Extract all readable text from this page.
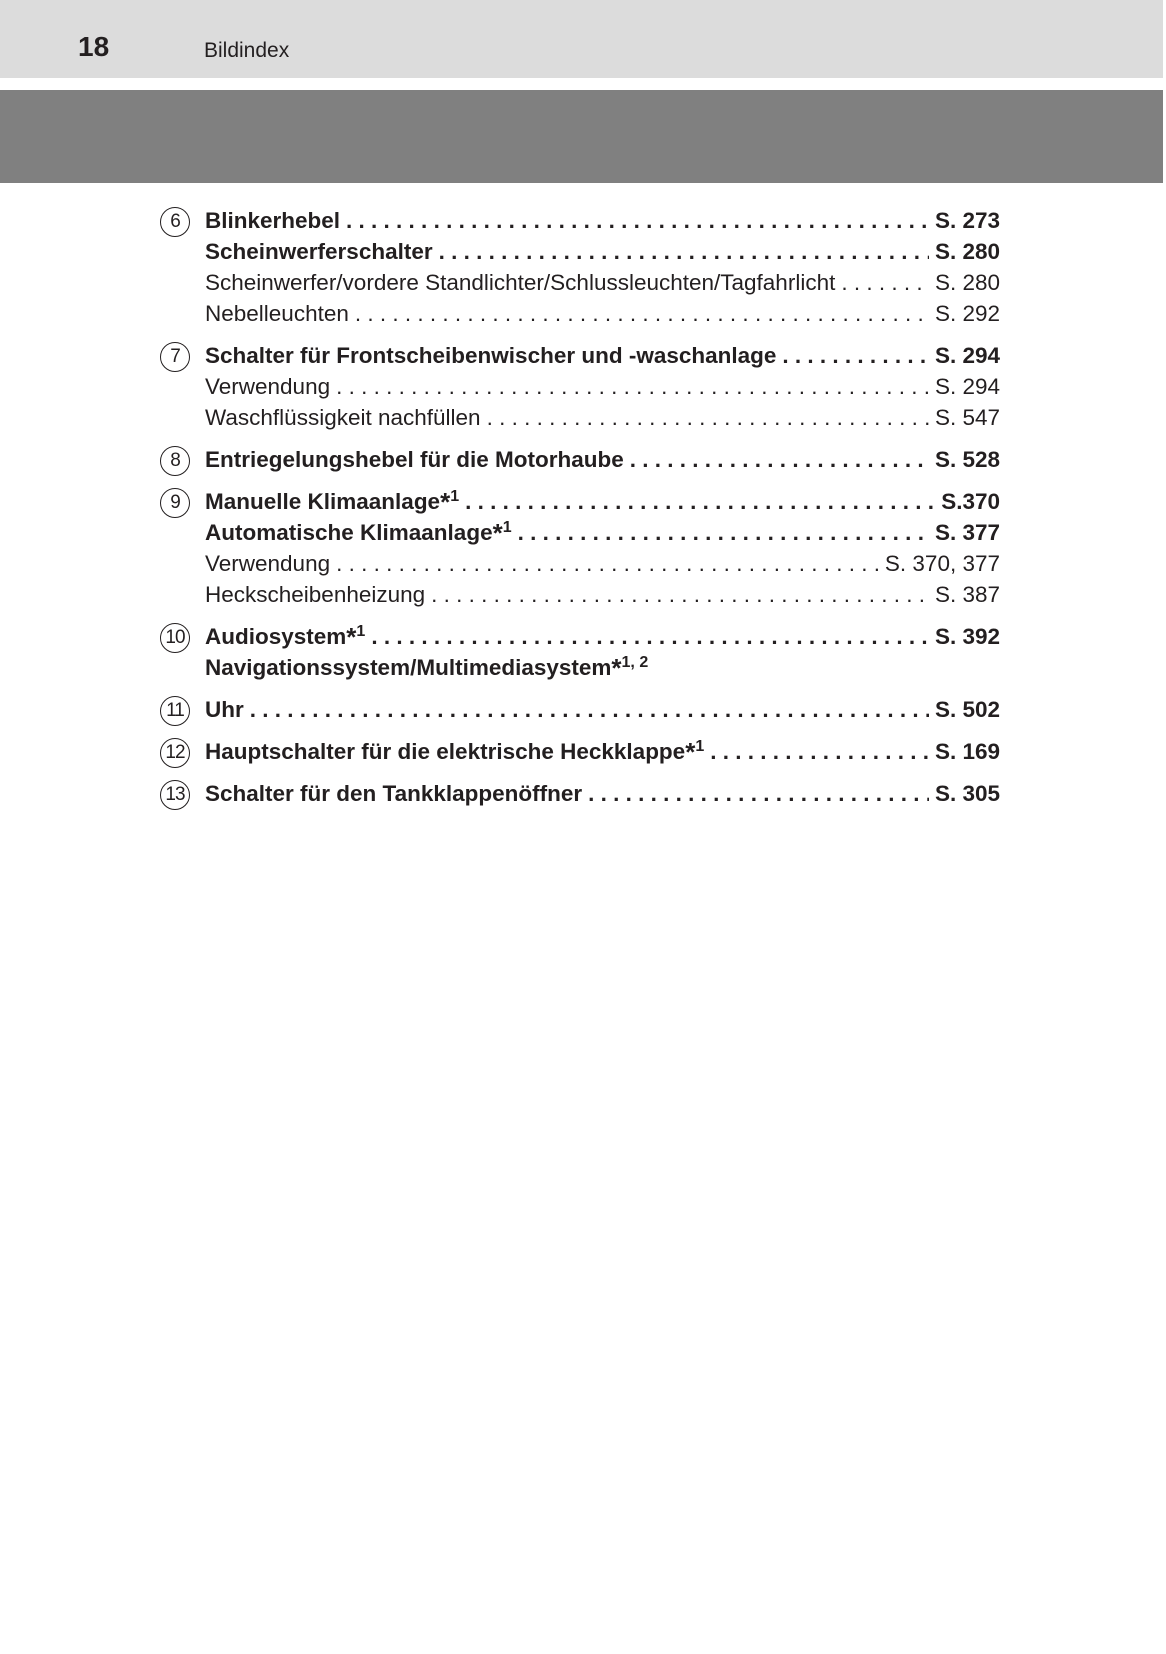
18	Bildindex
6	Blinkerhebel . . .	S. 273
Scheinwerferschalter . . .	S. 280
Scheinwerfer/vordere Standlichter/Schlussleuchten/Tagfahrlicht . . .	S. 280
Nebelleuchten . . .	S. 292
7	Schalter für Frontscheibenwischer und -waschanlage . . .	S. 294
Verwendung . . .	S. 294
Waschflüssigkeit nachfüllen . . .	S. 547
8	Entriegelungshebel für die Motorhaube . . .	S. 528
9	Manuelle Klimaanlage*$^1$ . . .	S.370
Automatische Klimaanlage*$^1$ . . .	S. 377
Verwendung . . .	S. 370, 377
Heckscheibenheizung . . .	S. 387
10 Audiosystem*$^1$ . . .	S. 392
Navigationssystem/Multimediasystem*$^{1, 2}$
11 Uhr . . .	S. 502
12 Hauptschalter für die elektrische Heckklappe*$^1$ . . .	S. 169
13 Schalter für den Tankklappenöffner . . .	S. 305
